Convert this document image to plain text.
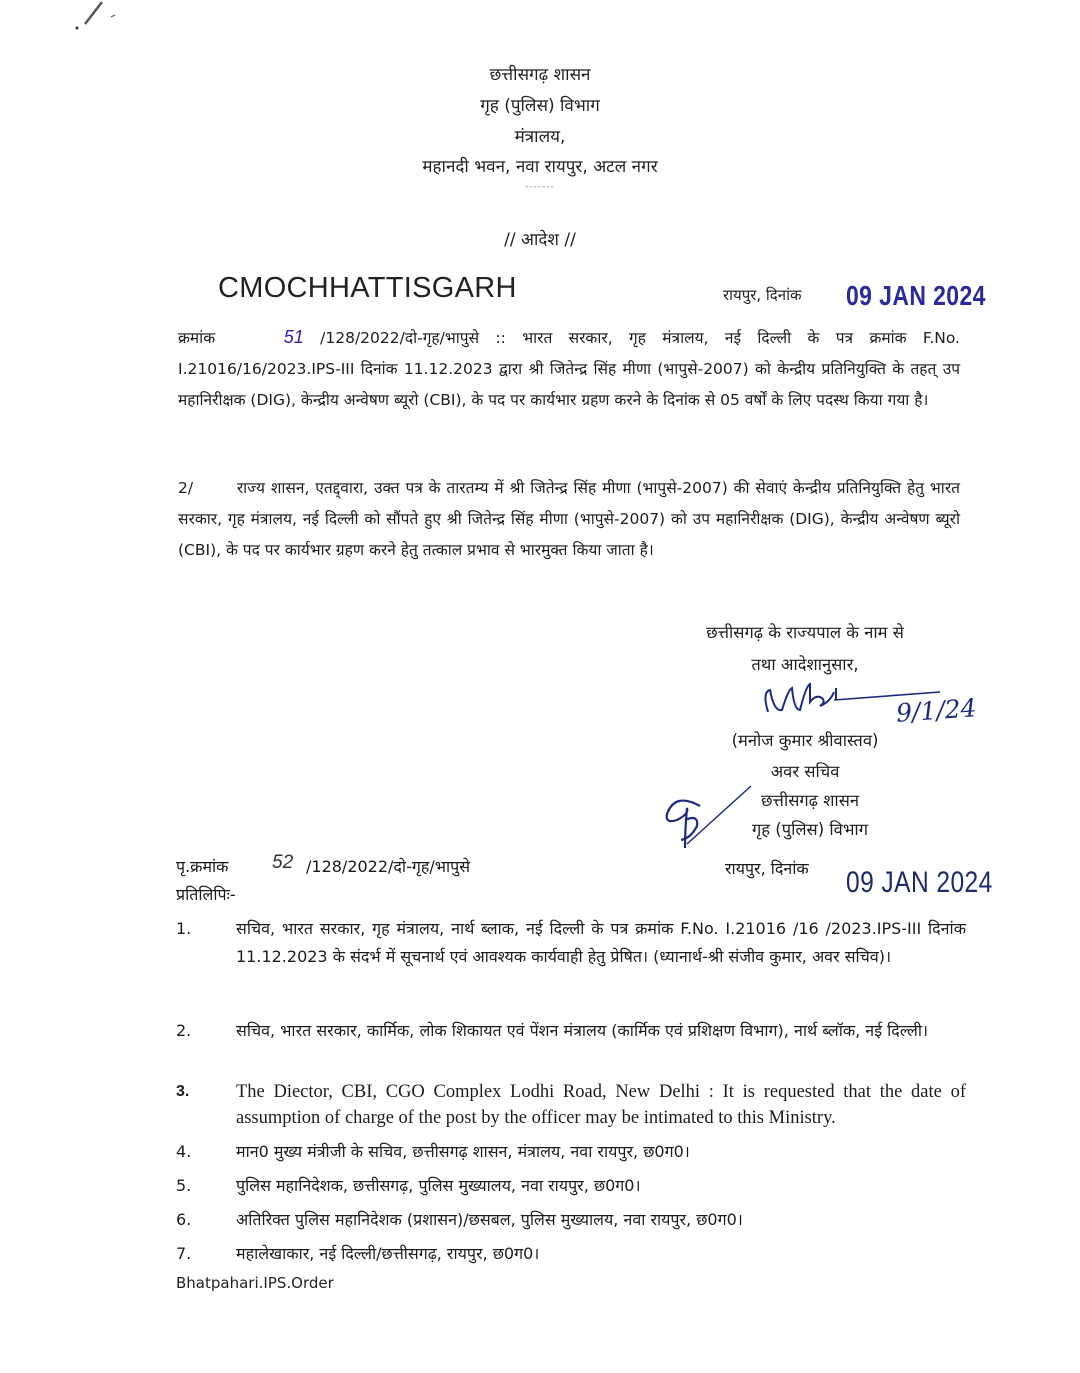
छत्तीसगढ़ शासन
गृह (पुलिस) विभाग
मंत्रालय,
महानदी भवन, नवा रायपुर, अटल नगर
-------
// आदेश //
CMOCHHATTISGARH	रायपुर, दिनांक 09 JAN 2024
क्रमांक	51 /128/2022/दो-गृह/भापुसे :: भारत सरकार, गृह मंत्रालय, नई दिल्ली के पत्र क्रमांक F.No. I.21016/16/2023.IPS-III दिनांक 11.12.2023 द्वारा श्री जितेन्द्र सिंह मीणा (भापुसे-2007) को केन्द्रीय प्रतिनियुक्ति के तहत् उप महानिरीक्षक (DIG), केन्द्रीय अन्वेषण ब्यूरो (CBI), के पद पर कार्यभार ग्रहण करने के दिनांक से 05 वर्षों के लिए पदस्थ किया गया है।
2/	राज्य शासन, एतद्द्वारा, उक्त पत्र के तारतम्य में श्री जितेन्द्र सिंह मीणा (भापुसे-2007) की सेवाएं केन्द्रीय प्रतिनियुक्ति हेतु भारत सरकार, गृह मंत्रालय, नई दिल्ली को सौंपते हुए श्री जितेन्द्र सिंह मीणा (भापुसे-2007) को उप महानिरीक्षक (DIG), केन्द्रीय अन्वेषण ब्यूरो (CBI), के पद पर कार्यभार ग्रहण करने हेतु तत्काल प्रभाव से भारमुक्त किया जाता है।
छत्तीसगढ़ के राज्यपाल के नाम से
तथा आदेशानुसार,
9/1/24
(मनोज कुमार श्रीवास्तव)
अवर सचिव
छत्तीसगढ़ शासन
गृह (पुलिस) विभाग
पृ.क्रमांक 52 /128/2022/दो-गृह/भापुसे	रायपुर, दिनांक 09 JAN 2024
प्रतिलिपिः-
1.	सचिव, भारत सरकार, गृह मंत्रालय, नार्थ ब्लाक, नई दिल्ली के पत्र क्रमांक F.No. I.21016 /16 /2023.IPS-III दिनांक 11.12.2023 के संदर्भ में सूचनार्थ एवं आवश्यक कार्यवाही हेतु प्रेषित। (ध्यानार्थ-श्री संजीव कुमार, अवर सचिव)।
2.	सचिव, भारत सरकार, कार्मिक, लोक शिकायत एवं पेंशन मंत्रालय (कार्मिक एवं प्रशिक्षण विभाग), नार्थ ब्लॉक, नई दिल्ली।
3.	The Diector, CBI, CGO Complex Lodhi Road, New Delhi : It is requested that the date of assumption of charge of the post by the officer may be intimated to this Ministry.
4.	मान0 मुख्य मंत्रीजी के सचिव, छत्तीसगढ़ शासन, मंत्रालय, नवा रायपुर, छ0ग0।
5.	पुलिस महानिदेशक, छत्तीसगढ़, पुलिस मुख्यालय, नवा रायपुर, छ0ग0।
6.	अतिरिक्त पुलिस महानिदेशक (प्रशासन)/छसबल, पुलिस मुख्यालय, नवा रायपुर, छ0ग0।
7.	महालेखाकार, नई दिल्ली/छत्तीसगढ़, रायपुर, छ0ग0।
Bhatpahari.IPS.Order
